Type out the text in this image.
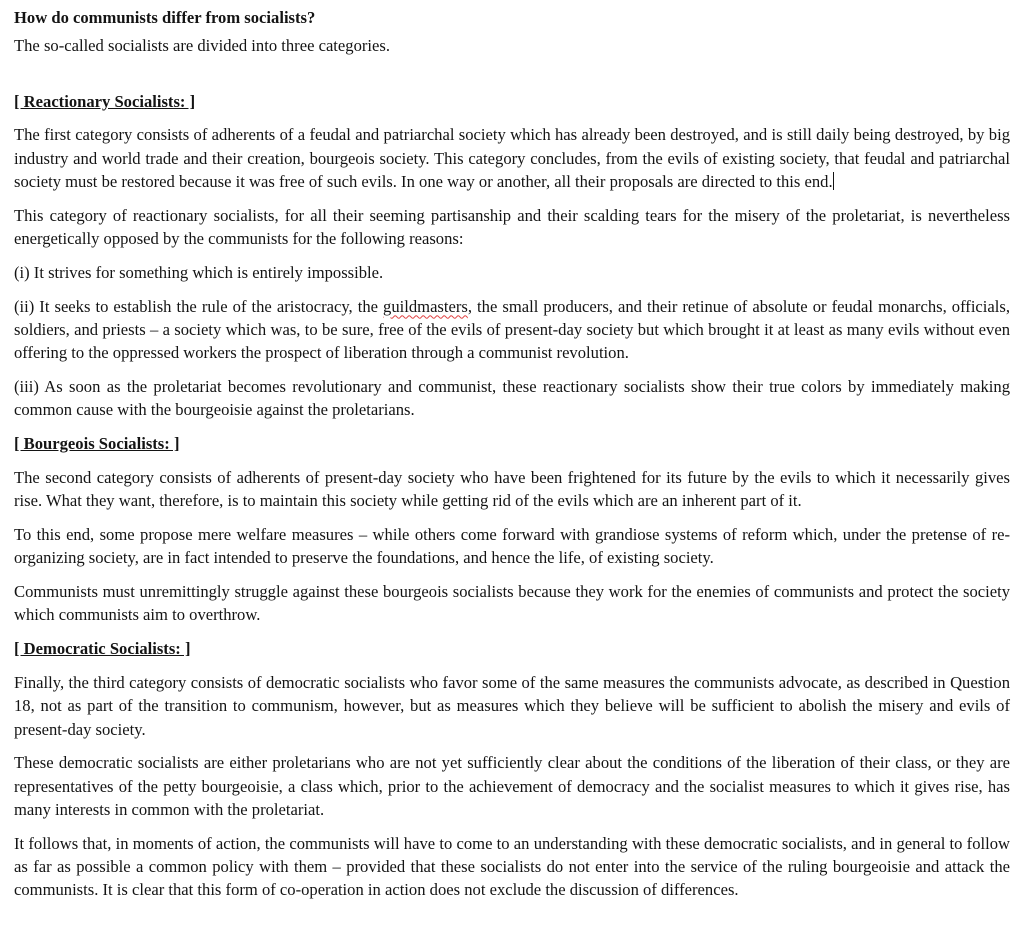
How do communists differ from socialists?
The so-called socialists are divided into three categories.
[ Reactionary Socialists: ]
The first category consists of adherents of a feudal and patriarchal society which has already been destroyed, and is still daily being destroyed, by big industry and world trade and their creation, bourgeois society. This category concludes, from the evils of existing society, that feudal and patriarchal society must be restored because it was free of such evils. In one way or another, all their proposals are directed to this end.
This category of reactionary socialists, for all their seeming partisanship and their scalding tears for the misery of the proletariat, is nevertheless energetically opposed by the communists for the following reasons:
(i) It strives for something which is entirely impossible.
(ii) It seeks to establish the rule of the aristocracy, the guildmasters, the small producers, and their retinue of absolute or feudal monarchs, officials, soldiers, and priests – a society which was, to be sure, free of the evils of present-day society but which brought it at least as many evils without even offering to the oppressed workers the prospect of liberation through a communist revolution.
(iii) As soon as the proletariat becomes revolutionary and communist, these reactionary socialists show their true colors by immediately making common cause with the bourgeoisie against the proletarians.
[ Bourgeois Socialists: ]
The second category consists of adherents of present-day society who have been frightened for its future by the evils to which it necessarily gives rise. What they want, therefore, is to maintain this society while getting rid of the evils which are an inherent part of it.
To this end, some propose mere welfare measures – while others come forward with grandiose systems of reform which, under the pretense of re-organizing society, are in fact intended to preserve the foundations, and hence the life, of existing society.
Communists must unremittingly struggle against these bourgeois socialists because they work for the enemies of communists and protect the society which communists aim to overthrow.
[ Democratic Socialists: ]
Finally, the third category consists of democratic socialists who favor some of the same measures the communists advocate, as described in Question 18, not as part of the transition to communism, however, but as measures which they believe will be sufficient to abolish the misery and evils of present-day society.
These democratic socialists are either proletarians who are not yet sufficiently clear about the conditions of the liberation of their class, or they are representatives of the petty bourgeoisie, a class which, prior to the achievement of democracy and the socialist measures to which it gives rise, has many interests in common with the proletariat.
It follows that, in moments of action, the communists will have to come to an understanding with these democratic socialists, and in general to follow as far as possible a common policy with them – provided that these socialists do not enter into the service of the ruling bourgeoisie and attack the communists. It is clear that this form of co-operation in action does not exclude the discussion of differences.
